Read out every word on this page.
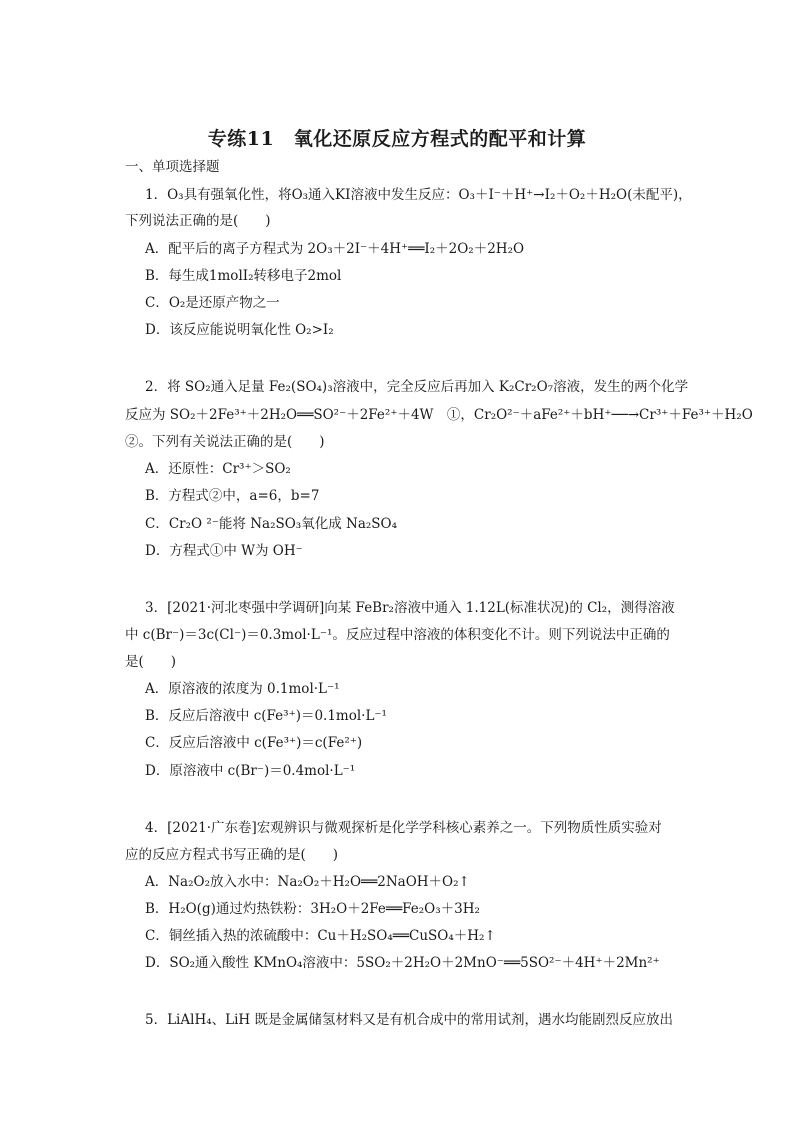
专练11　氧化还原反应方程式的配平和计算
一、单项选择题
1．O₃具有强氧化性，将O₃通入KI溶液中发生反应：O₃＋I⁻＋H⁺→I₂＋O₂＋H₂O(未配平)，
下列说法正确的是(　　)
A．配平后的离子方程式为 2O₃＋2I⁻＋4H⁺══I₂＋2O₂＋2H₂O
B．每生成1molI₂转移电子2mol
C．O₂是还原产物之一
D．该反应能说明氧化性 O₂>I₂
2．将 SO₂通入足量 Fe₂(SO₄)₃溶液中，完全反应后再加入 K₂Cr₂O₇溶液，发生的两个化学
反应为 SO₂＋2Fe³⁺＋2H₂O══SO²⁻＋2Fe²⁺＋4W　①，Cr₂O²⁻＋aFe²⁺＋bH⁺──→Cr³⁺＋Fe³⁺＋H₂O
②。下列有关说法正确的是(　　)
A．还原性：Cr³⁺＞SO₂
B．方程式②中，a=6，b=7
C．Cr₂O ²⁻能将 Na₂SO₃氧化成 Na₂SO₄
D．方程式①中 W为 OH⁻
3．[2021·河北枣强中学调研]向某 FeBr₂溶液中通入 1.12L(标准状况)的 Cl₂，测得溶液
中 c(Br⁻)＝3c(Cl⁻)＝0.3mol·L⁻¹。反应过程中溶液的体积变化不计。则下列说法中正确的
是(　　)
A．原溶液的浓度为 0.1mol·L⁻¹
B．反应后溶液中 c(Fe³⁺)＝0.1mol·L⁻¹
C．反应后溶液中 c(Fe³⁺)＝c(Fe²⁺)
D．原溶液中 c(Br⁻)＝0.4mol·L⁻¹
4．[2021·广东卷]宏观辨识与微观探析是化学学科核心素养之一。下列物质性质实验对
应的反应方程式书写正确的是(　　)
A．Na₂O₂放入水中：Na₂O₂＋H₂O══2NaOH＋O₂↑
B．H₂O(g)通过灼热铁粉：3H₂O＋2Fe══Fe₂O₃＋3H₂
C．铜丝插入热的浓硫酸中：Cu＋H₂SO₄══CuSO₄＋H₂↑
D．SO₂通入酸性 KMnO₄溶液中：5SO₂＋2H₂O＋2MnO⁻══5SO²⁻＋4H⁺＋2Mn²⁺
5．LiAlH₄、LiH 既是金属储氢材料又是有机合成中的常用试剂，遇水均能剧烈反应放出
